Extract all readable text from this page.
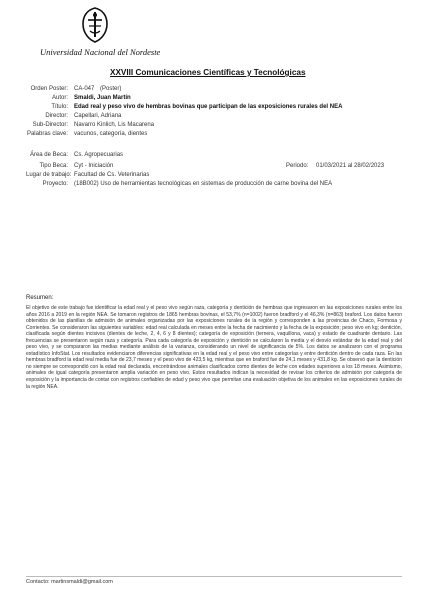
Universidad Nacional del Nordeste
XXVIII Comunicaciones Científicas y Tecnológicas
Orden Poster: CA-047 (Poster)
Autor: Smaldi, Juan Martín
Título: Edad real y peso vivo de hembras bovinas que participan de las exposiciones rurales del NEA
Director: Capellari, Adriana
Sub-Director: Navarro Kinlich, Lis Macarena
Palabras clave: vacunos, categoría, dientes
Área de Beca: Cs. Agropecuarias
Tipo Beca: Cyt - Iniciación	Periodo: 01/03/2021 al 28/02/2023
Lugar de trabajo: Facultad de Cs. Veterinarias
Proyecto: (18B002) Uso de herramientas tecnológicas en sistemas de producción de carne bovina del NEA
Resumen:
El objetivo de este trabajo fue identificar la edad real y el peso vivo según raza, categoría y dentición de hembras que ingresaron en las exposiciones rurales entre los años 2016 a 2019 en la región NEA. Se tomaron registros de 1865 hembras bovinas, el 53,7% (n=1002) fueron bradford y el 46,3% (n=863) braford. Los datos fueron obtenidos de las planillas de admisión de animales organizadas por las exposiciones rurales de la región y corresponden a las provincias de Chaco, Formosa y Corrientes. Se consideraron las siguientes variables: edad real calculada en meses entre la fecha de nacimiento y la fecha de la exposición; peso vivo en kg; dentición, clasificada según dientes incisivos (dientes de leche, 2, 4, 6 y 8 dientes); categoría de exposición (ternera, vaquillona, vaca) y estado de cuadrante dentario. Las frecuencias se presentaron según raza y categoría. Para cada categoría de exposición y dentición se calcularon la media y el desvío estándar de la edad real y del peso vivo, y se compararon las medias mediante análisis de la varianza, considerando un nivel de significancia de 5%. Los datos se analizaron con el programa estadístico InfoStat. Los resultados evidenciaron diferencias significativas en la edad real y el peso vivo entre categorías y entre dentición dentro de cada raza. En las hembras bradford la edad real media fue de 23,7 meses y el peso vivo de 423,5 kg, mientras que en braford fue de 24,1 meses y 431,8 kg. Se observó que la dentición no siempre se correspondió con la edad real declarada, encontrándose animales clasificados como dientes de leche con edades superiores a los 18 meses. Asimismo, animales de igual categoría presentaron amplia variación en peso vivo. Estos resultados indican la necesidad de revisar los criterios de admisión por categoría de exposición y la importancia de contar con registros confiables de edad y peso vivo que permitan una evaluación objetiva de los animales en las exposiciones rurales de la región NEA.
Contacto: martinsmaldi@gmail.com
